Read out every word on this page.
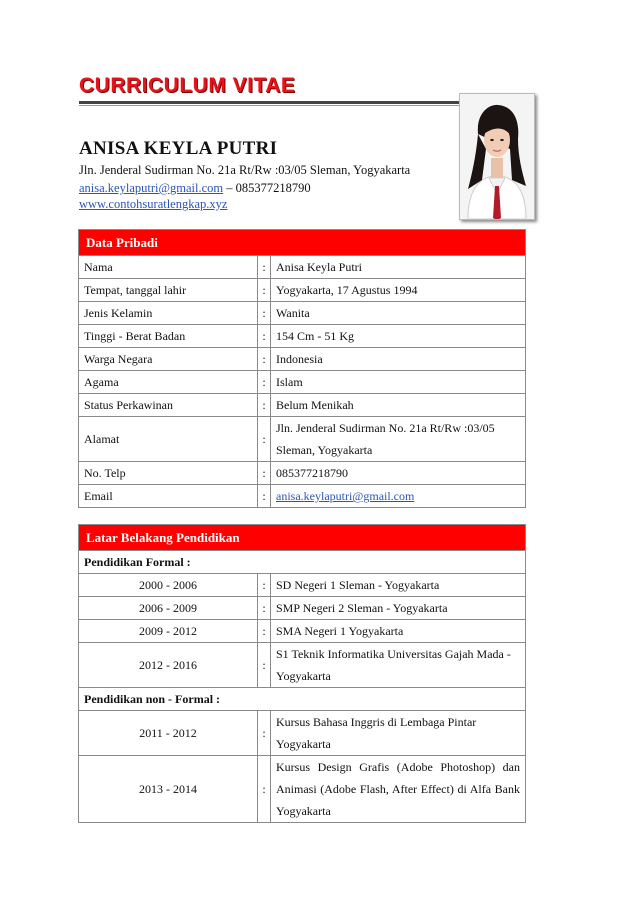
CURRICULUM VITAE
ANISA KEYLA PUTRI
Jln. Jenderal Sudirman No. 21a Rt/Rw :03/05 Sleman, Yogyakarta
anisa.keylaputri@gmail.com – 085377218790
www.contohsuratlengkap.xyz
Data Pribadi		
Nama	:	Anisa Keyla Putri
Tempat, tanggal lahir	:	Yogyakarta, 17 Agustus 1994
Jenis Kelamin	:	Wanita
Tinggi - Berat Badan	:	154 Cm - 51 Kg
Warga Negara	:	Indonesia
Agama	:	Islam
Status Perkawinan	:	Belum Menikah
Alamat	:	Jln. Jenderal Sudirman No. 21a Rt/Rw :03/05 Sleman, Yogyakarta
No. Telp	:	085377218790
Email	:	anisa.keylaputri@gmail.com
Latar Belakang Pendidikan		
Pendidikan Formal :		
2000 - 2006	:	SD Negeri 1 Sleman - Yogyakarta
2006 - 2009	:	SMP Negeri 2 Sleman - Yogyakarta
2009 - 2012	:	SMA Negeri 1 Yogyakarta
2012 - 2016	:	S1 Teknik Informatika Universitas Gajah Mada - Yogyakarta
Pendidikan non - Formal :		
2011 - 2012	:	Kursus Bahasa Inggris di Lembaga Pintar Yogyakarta
2013 - 2014	:	Kursus Design Grafis (Adobe Photoshop) dan Animasi (Adobe Flash, After Effect) di Alfa Bank Yogyakarta
